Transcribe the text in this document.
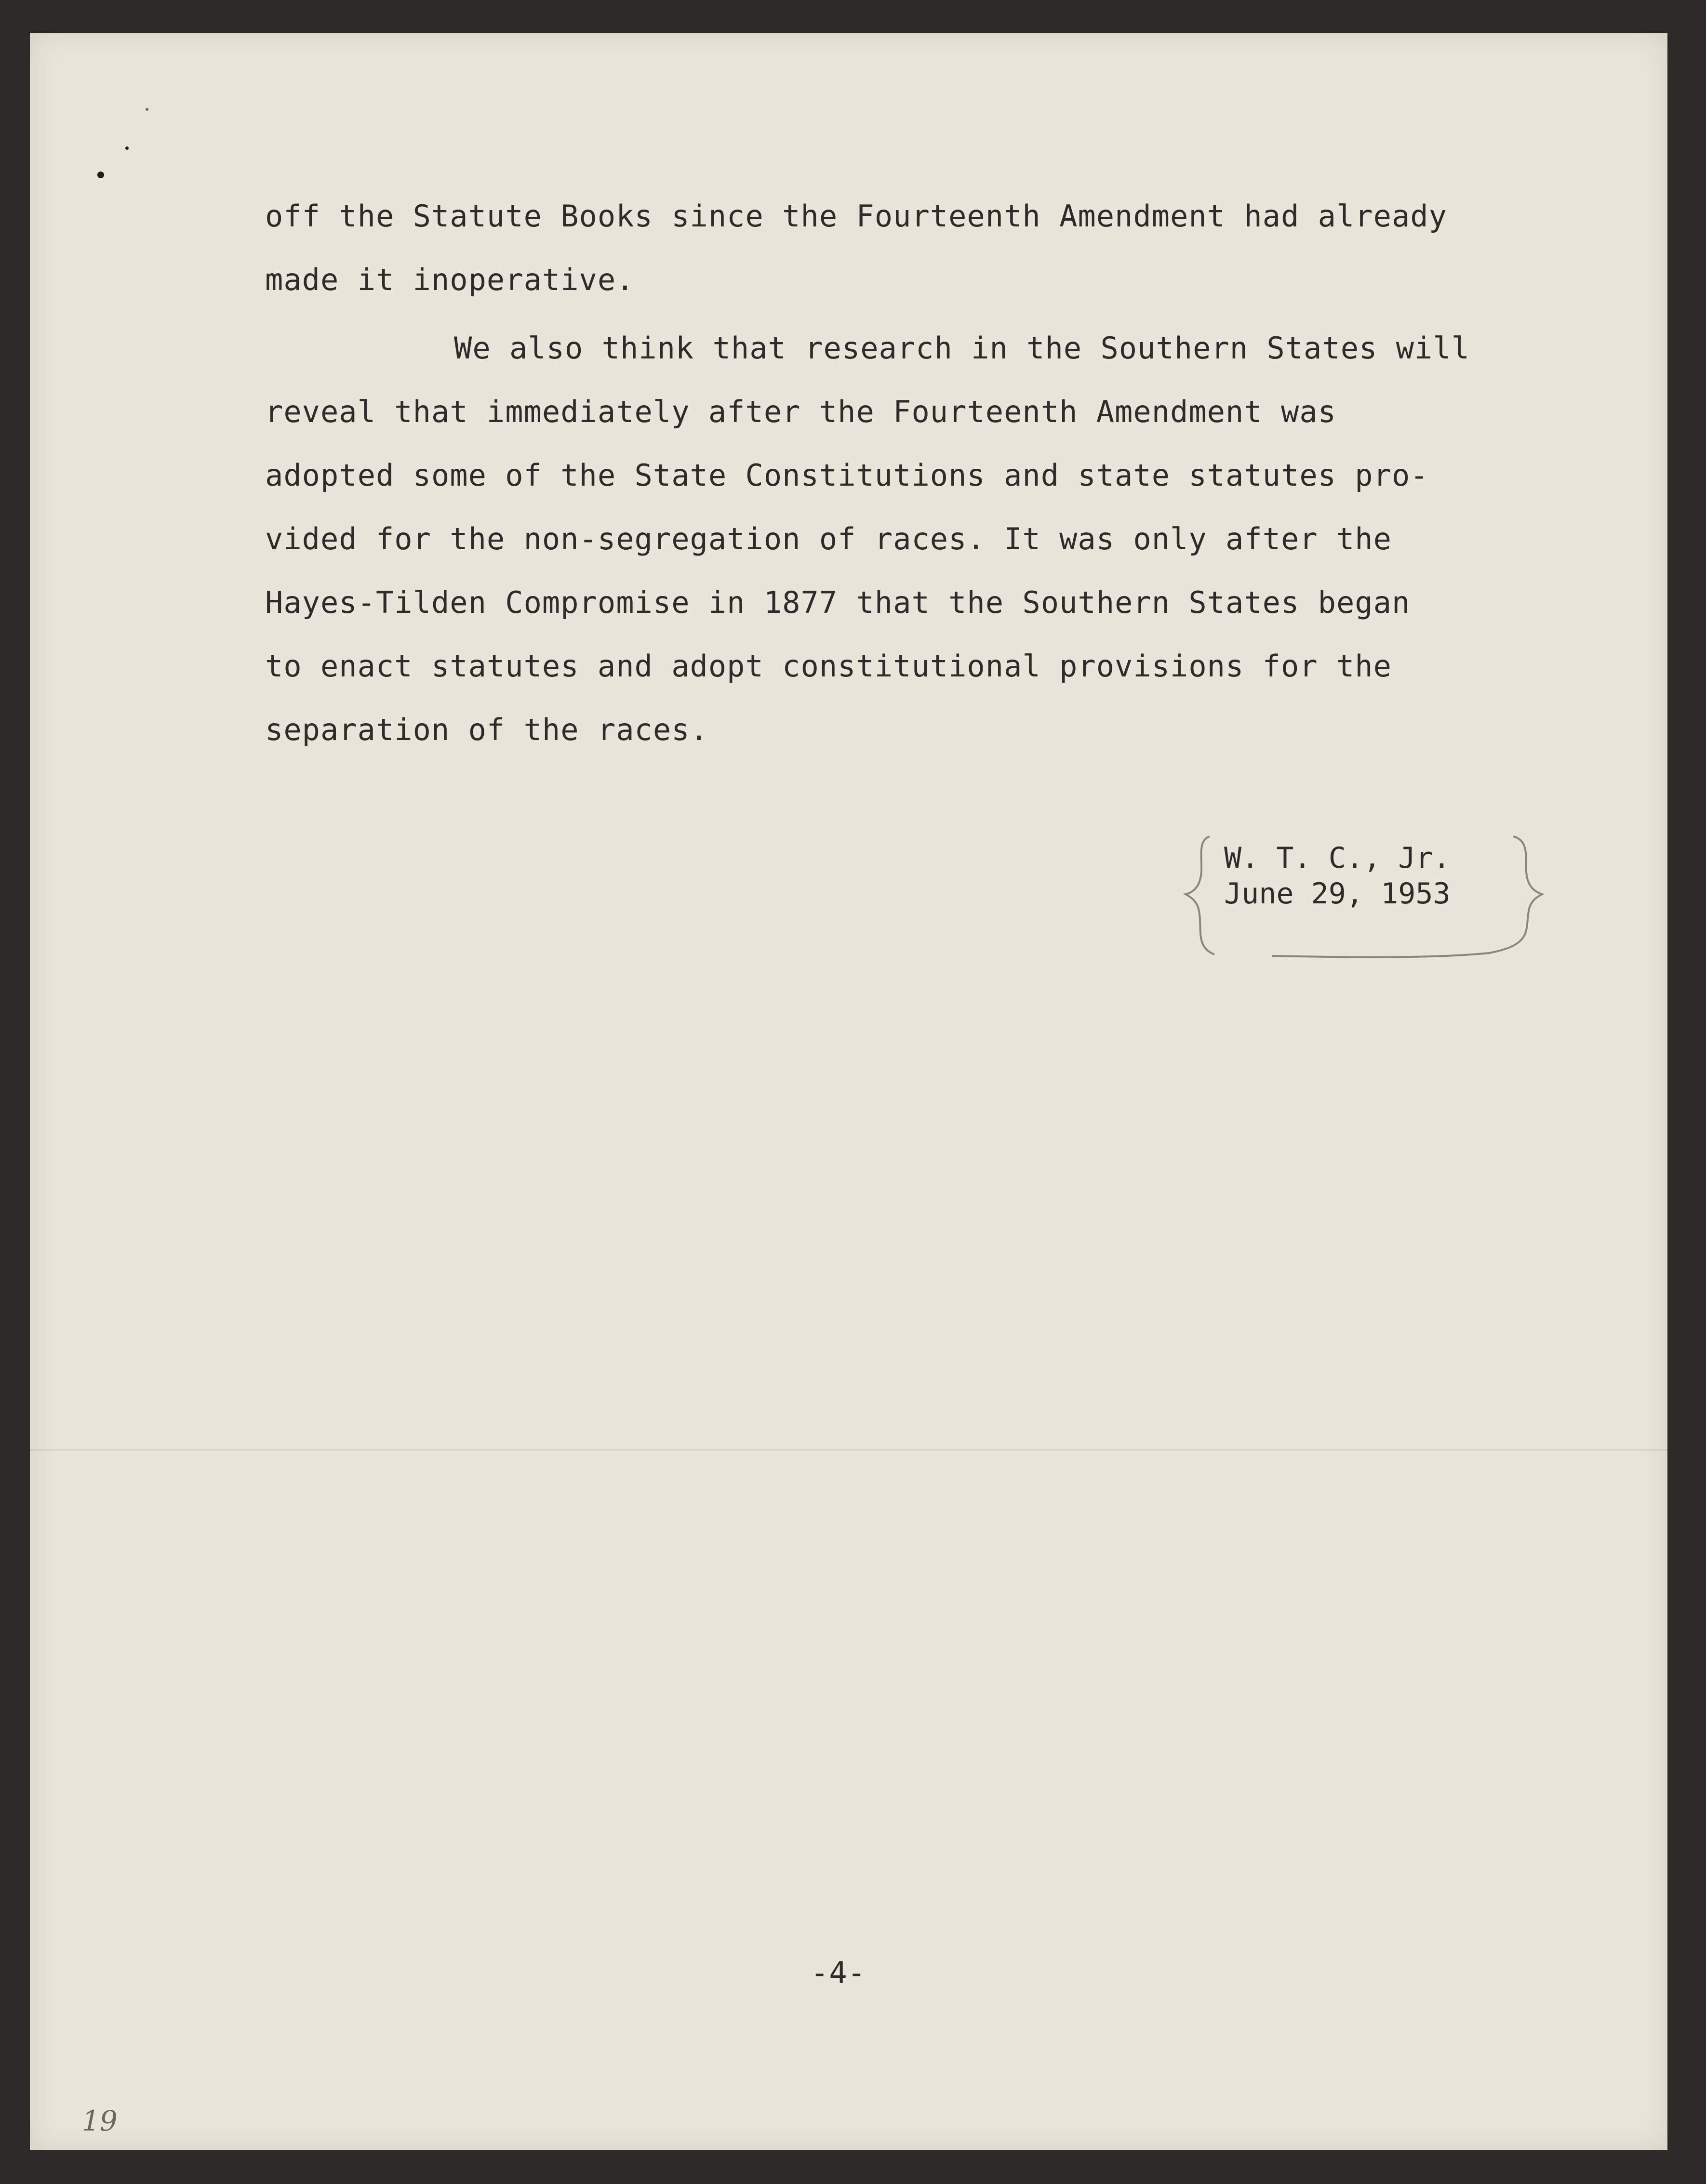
off the Statute Books since the Fourteenth Amendment had already
made it inoperative.
We also think that research in the Southern States will
reveal that immediately after the Fourteenth Amendment was
adopted some of the State Constitutions and state statutes pro-
vided for the non-segregation of races. It was only after the
Hayes-Tilden Compromise in 1877 that the Southern States began
to enact statutes and adopt constitutional provisions for the
separation of the races.
W. T. C., Jr.
June 29, 1953
-4-
19
